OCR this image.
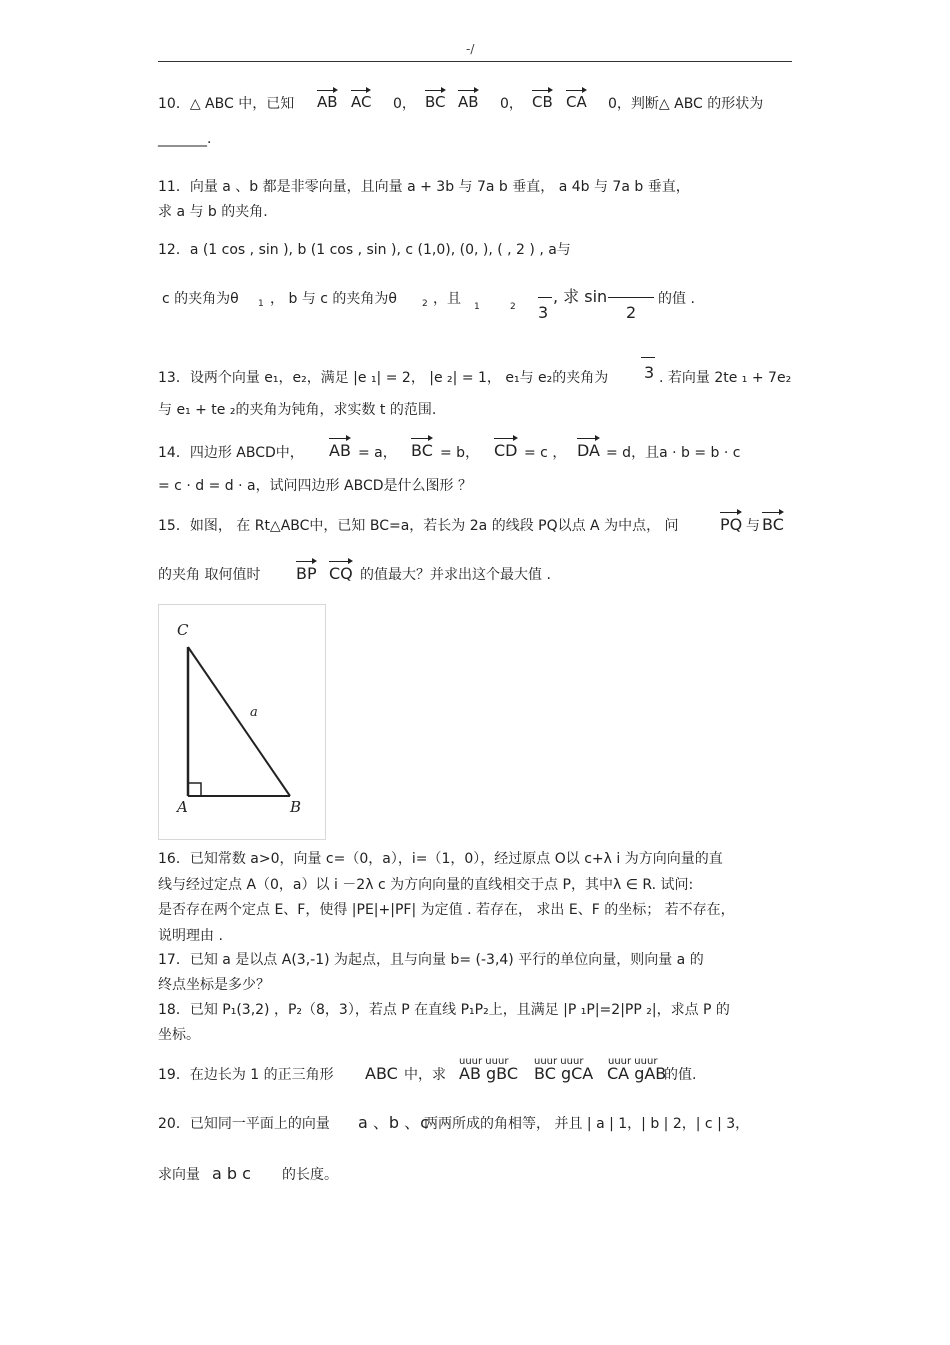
-/
10．△ ABC 中，已知 AB AC 0， BC AB 0， CB CA 0，判断△ ABC 的形状为
_______.
11．向量 a 、b 都是非零向量，且向量 a + 3b 与 7a b 垂直， a 4b 与 7a b 垂直，
求 a 与 b 的夹角.
12．a (1 cos , sin ), b (1 cos , sin ), c (1,0), (0, ), ( , 2 ) , a与
c 的夹角为θ 1 ， b 与 c 的夹角为θ	2 ，且 1	2 3
, 求 sin
2
的值 .
3
13．设两个向量 e₁，e₂，满足 |e ₁| = 2， |e ₂| = 1， e₁与 e₂的夹角为	. 若向量 2te ₁ + 7e₂
与 e₁ + te ₂的夹角为钝角，求实数 t 的范围.
14．四边形 ABCD中， AB = a， BC = b， CD = c ， DA = d，且a · b = b · c
= c · d = d · a，试问四边形 ABCD是什么图形 ？
15．如图， 在 Rt△ABC中，已知 BC=a，若长为 2a 的线段 PQ以点 A 为中点， 问	PQ 与 BC
的夹角 取何值时 BP CQ 的值最大？并求出这个最大值 .
C
A	B
a
16．已知常数 a>0，向量 c=（0，a），i=（1，0），经过原点 O以 c+λ i 为方向向量的直
线与经过定点 A（0，a）以 i －2λ c 为方向向量的直线相交于点 P，其中λ ∈ R. 试问:
是否存在两个定点 E、F，使得 |PE|+|PF| 为定值 . 若存在， 求出 E、F 的坐标； 若不存在，
说明理由 .
17．已知 a 是以点 A(3,-1) 为起点，且与向量 b= (-3,4) 平行的单位向量，则向量 a 的
终点坐标是多少？
18．已知 P₁(3,2) ，P₂（8，3），若点 P 在直线 P₁P₂上，且满足 |P ₁P|=2|PP ₂|，求点 P 的
坐标。
uuur uuur	uuur uuur uuur uuur
19．在边长为 1 的正三角形 ABC 中，求 AB gBC BC gCA CA gAB
的值.
20．已知同一平面上的向量 a 、b 、c
两两所成的角相等， 并且 | a | 1，| b | 2，| c | 3，
求向量 a b c 的长度。
